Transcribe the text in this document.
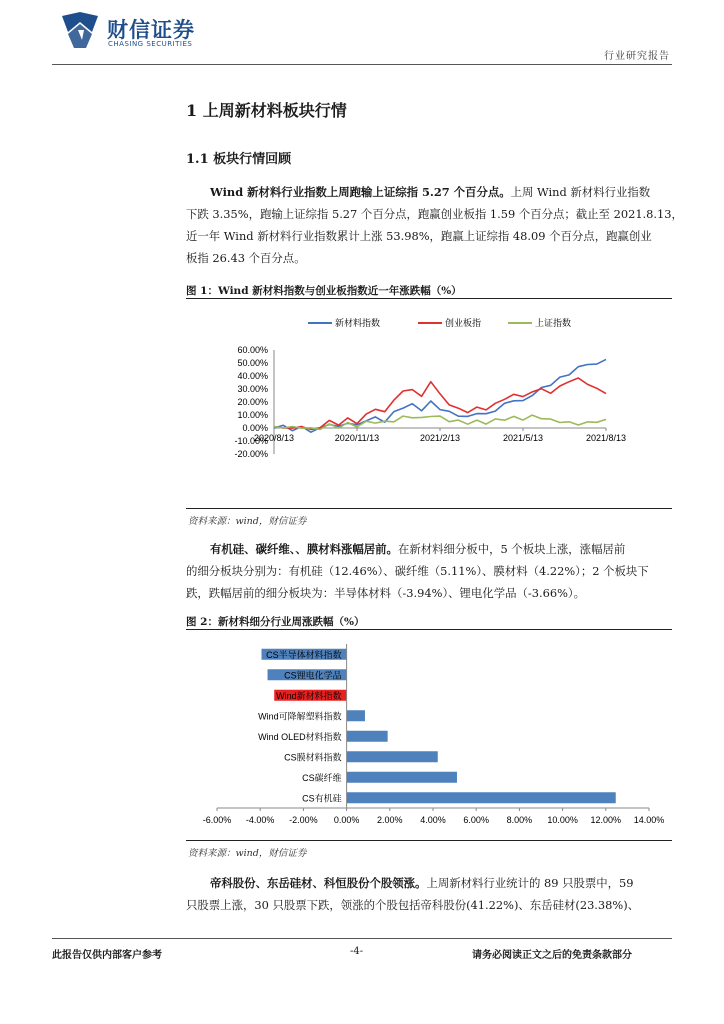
财信证券
CHASING SECURITIES
行业研究报告
1 上周新材料板块行情
1.1 板块行情回顾
Wind 新材料行业指数上周跑输上证综指 5.27 个百分点。上周 Wind 新材料行业指数
下跌 3.35%，跑输上证综指 5.27 个百分点，跑赢创业板指 1.59 个百分点；截止至 2021.8.13，
近一年 Wind 新材料行业指数累计上涨 53.98%，跑赢上证综指 48.09 个百分点，跑赢创业
板指 26.43 个百分点。
图 1：Wind 新材料指数与创业板指数近一年涨跌幅（%）
新材料指数	创业板指	上证指数
60.00%
50.00%
40.00%
30.00%
20.00%
10.00%
0.00%
-10.00%
-20.00%
2020/8/13	2020/11/13	2021/2/13	2021/5/13	2021/8/13
资料来源：wind，财信证券
有机硅、碳纤维、、膜材料涨幅居前。在新材料细分板中，5 个板块上涨，涨幅居前
的细分板块分别为：有机硅（12.46%）、碳纤维（5.11%）、膜材料（4.22%）；2 个板块下
跌，跌幅居前的细分板块为：半导体材料（-3.94%）、锂电化学品（-3.66%）。
图 2：新材料细分行业周涨跌幅（%）
CS半导体材料指数
CS锂电化学品
Wind新材料指数
Wind可降解塑料指数
Wind OLED材料指数
CS膜材料指数
CS碳纤维
CS有机硅
-6.00% -4.00% -2.00% 0.00% 2.00% 4.00% 6.00% 8.00% 10.00% 12.00% 14.00%
资料来源：wind，财信证券
帝科股份、东岳硅材、科恒股份个股领涨。上周新材料行业统计的 89 只股票中，59
只股票上涨，30 只股票下跌，领涨的个股包括帝科股份(41.22%)、东岳硅材(23.38%)、
此报告仅供内部客户参考	-4-	请务必阅读正文之后的免责条款部分
